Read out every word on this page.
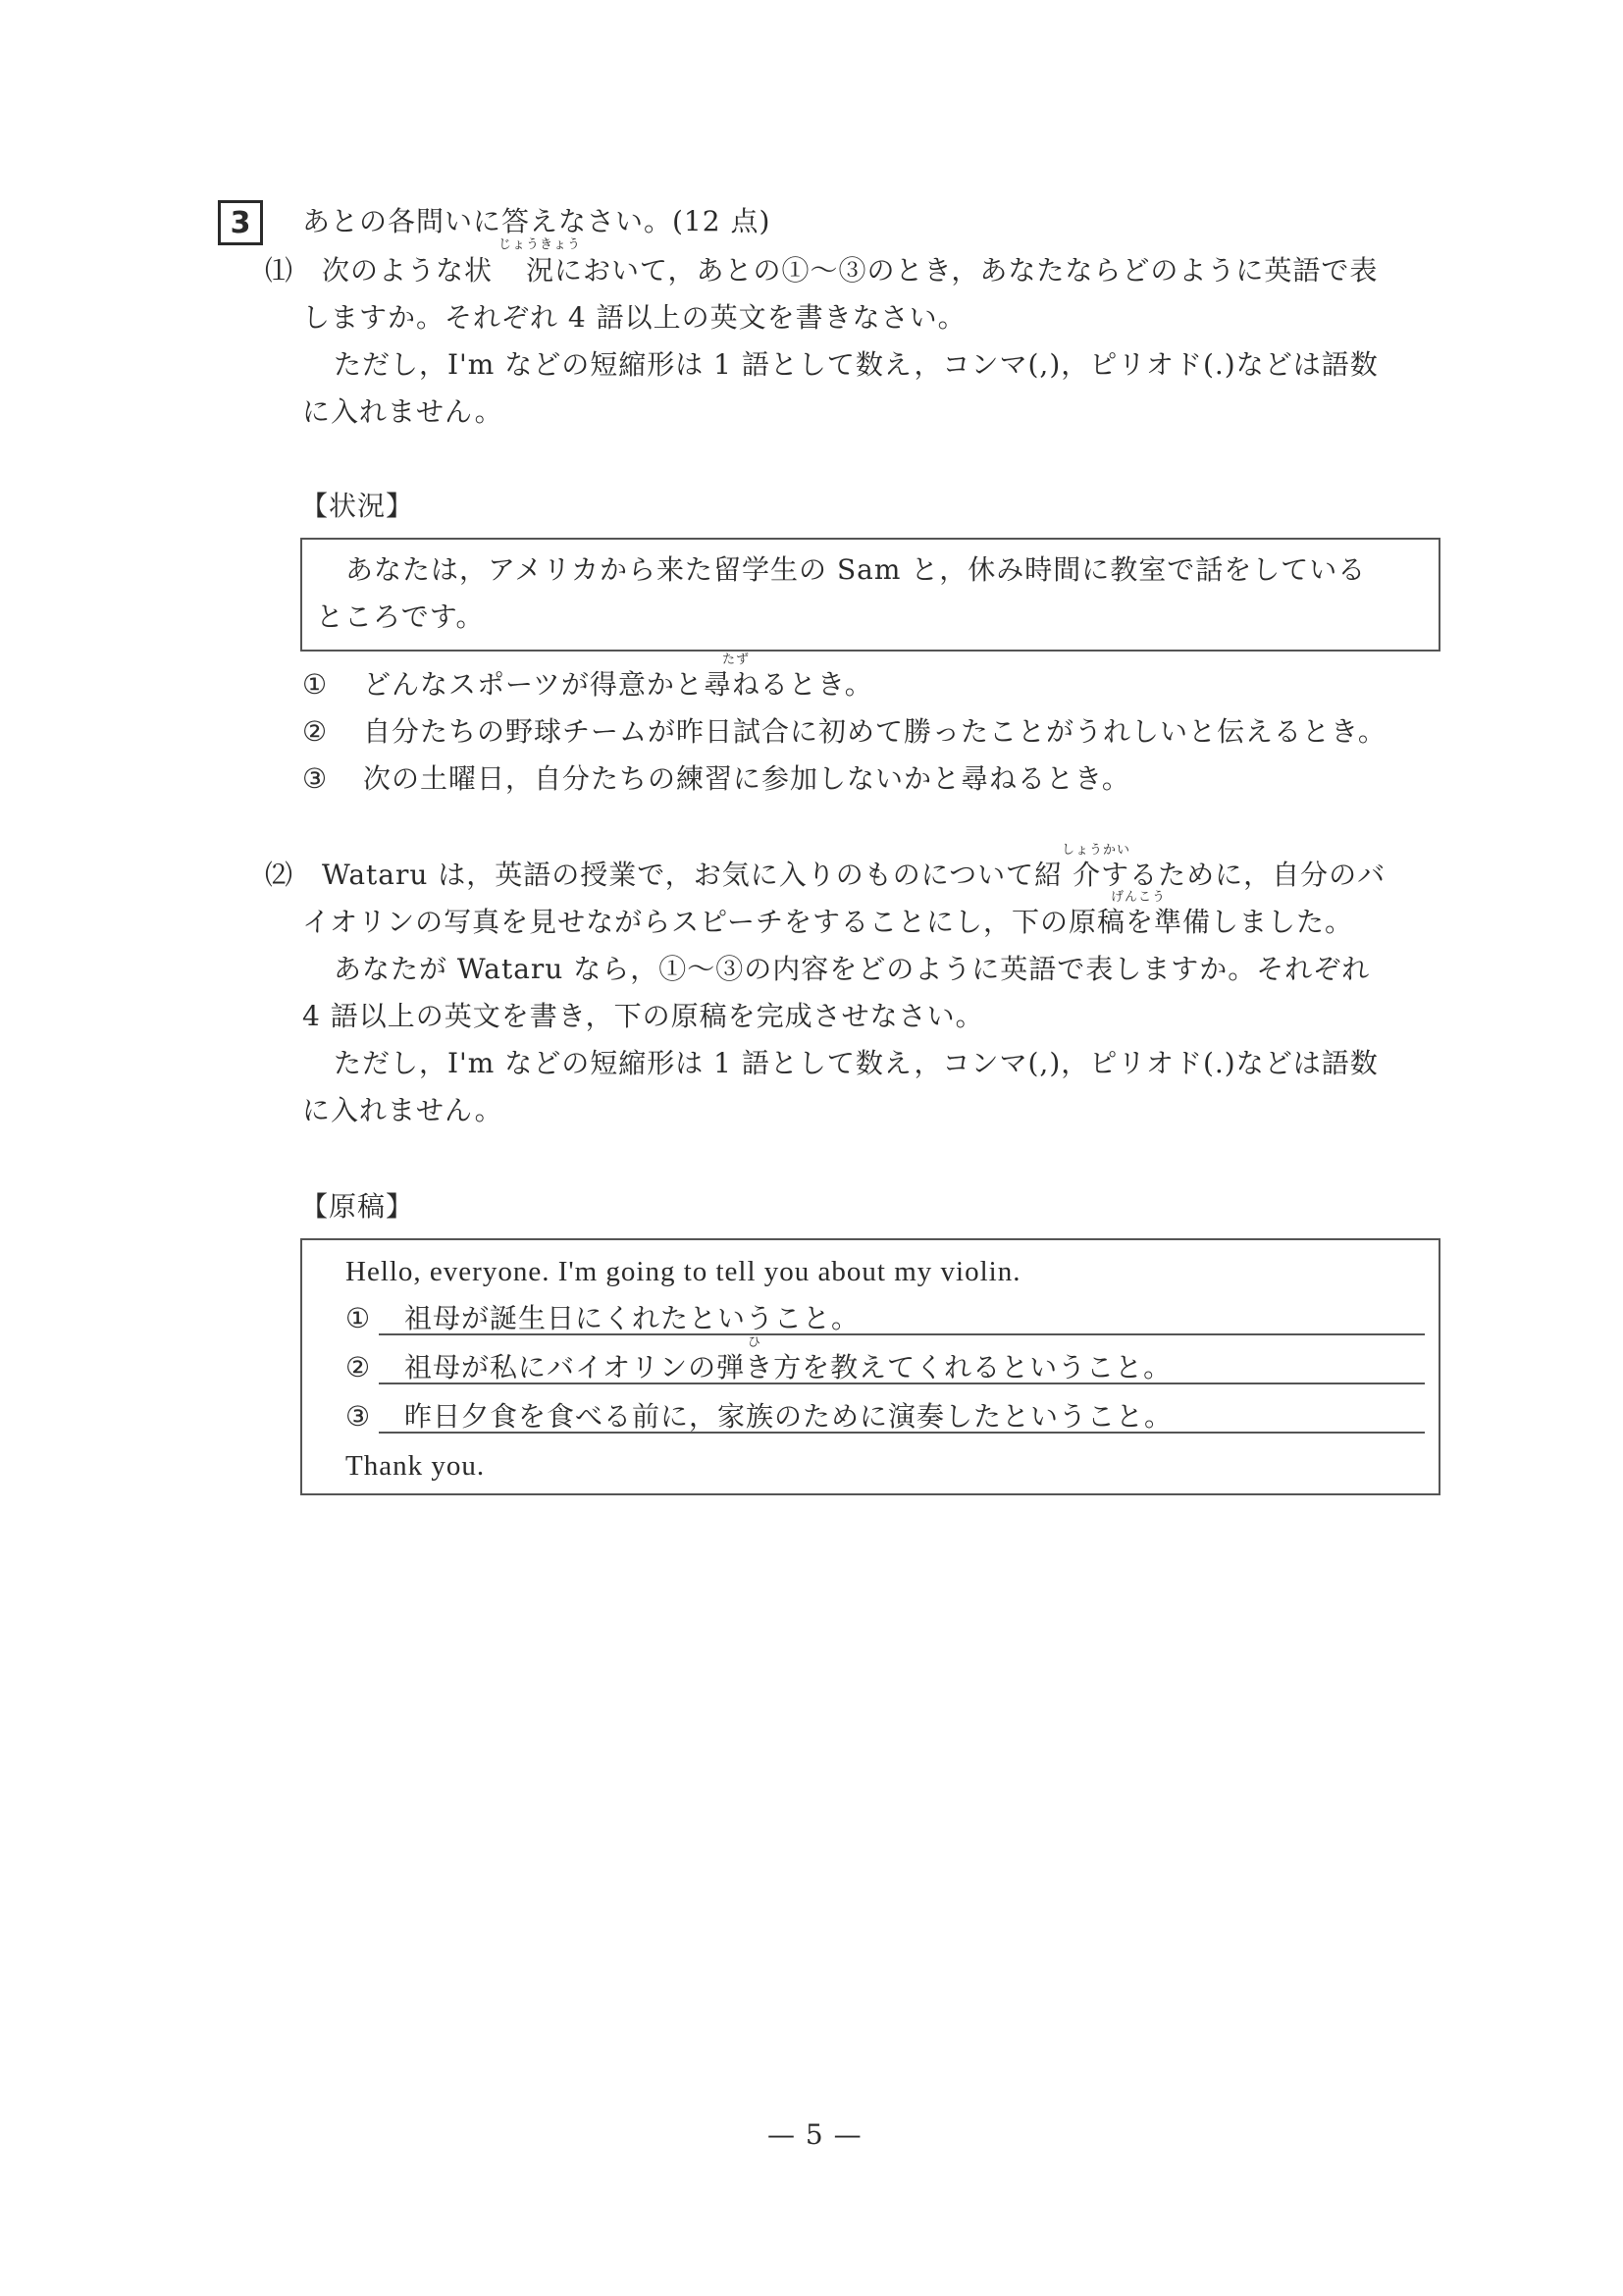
3 あとの各問いに答えなさい。(12 点)
⑴　次のような状
じょうきょう
況において，あとの①～③のとき，あなたならどのように英語で表
しますか。それぞれ 4 語以上の英文を書きなさい。
ただし，I'm などの短縮形は 1 語として数え，コンマ(,)，ピリオド(.)などは語数
に入れません。
【状況】
あなたは，アメリカから来た留学生の Sam と，休み時間に教室で話をしている
ところです。
①
たず
どんなスポーツが得意かと尋ねるとき。
② 自分たちの野球チームが昨日試合に初めて勝ったことがうれしいと伝えるとき。
③ 次の土曜日，自分たちの練習に参加しないかと尋ねるとき。
しょうかい
⑵　Wataru は，英語の授業で，お気に入りのものについて紹 介するために，自分のバ
げんこう
イオリンの写真を見せながらスピーチをすることにし，下の原稿を準備しました。
あなたが Wataru なら，①～③の内容をどのように英語で表しますか。それぞれ
4 語以上の英文を書き，下の原稿を完成させなさい。
ただし，I'm などの短縮形は 1 語として数え，コンマ(,)，ピリオド(.)などは語数
に入れません。
【原稿】
Hello, everyone. I'm going to tell you about my violin.
① 祖母が誕生日にくれたということ。
ひ
② 祖母が私にバイオリンの弾き方を教えてくれるということ。
③ 昨日夕食を食べる前に，家族のために演奏したということ。
Thank you.
— 5 —
